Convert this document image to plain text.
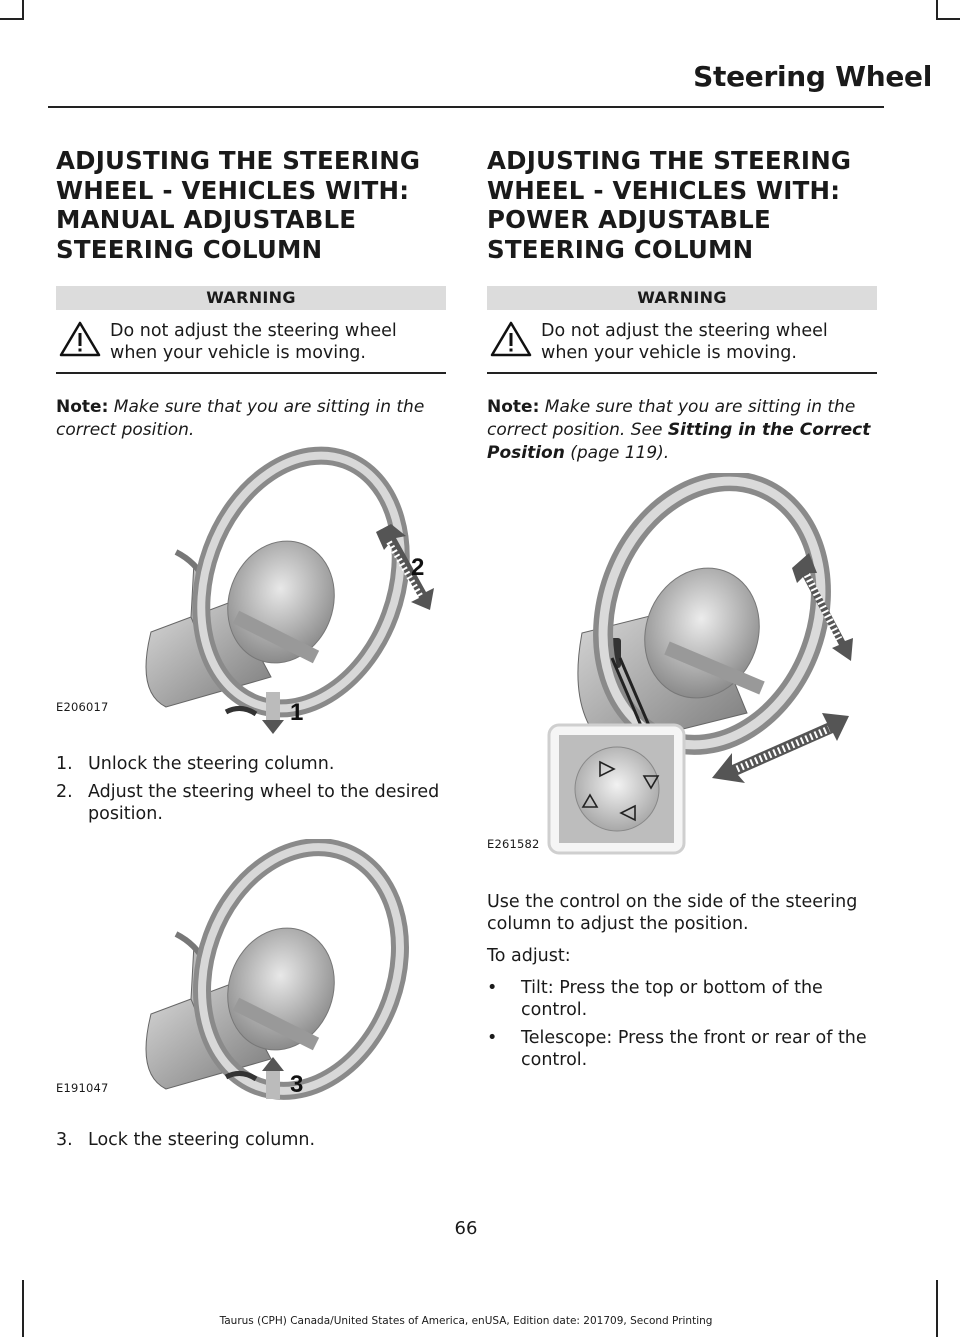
Steering Wheel
ADJUSTING THE STEERING WHEEL - VEHICLES WITH: MANUAL ADJUSTABLE STEERING COLUMN
WARNING
Do not adjust the steering wheel when your vehicle is moving.

Note: Make sure that you are sitting in the correct position.

2
1
E206017
1. Unlock the steering column.
2. Adjust the steering wheel to the desired position.
3
E191047
3. Lock the steering column.
ADJUSTING THE STEERING WHEEL - VEHICLES WITH: POWER ADJUSTABLE STEERING COLUMN
WARNING
Do not adjust the steering wheel when your vehicle is moving.

Note: Make sure that you are sitting in the correct position. See Sitting in the Correct Position (page 119).

E261582

Use the control on the side of the steering column to adjust the position.

To adjust:

• Tilt: Press the top or bottom of the control.
• Telescope: Press the front or rear of the control.
66
Taurus (CPH) Canada/United States of America, enUSA, Edition date: 201709, Second Printing
